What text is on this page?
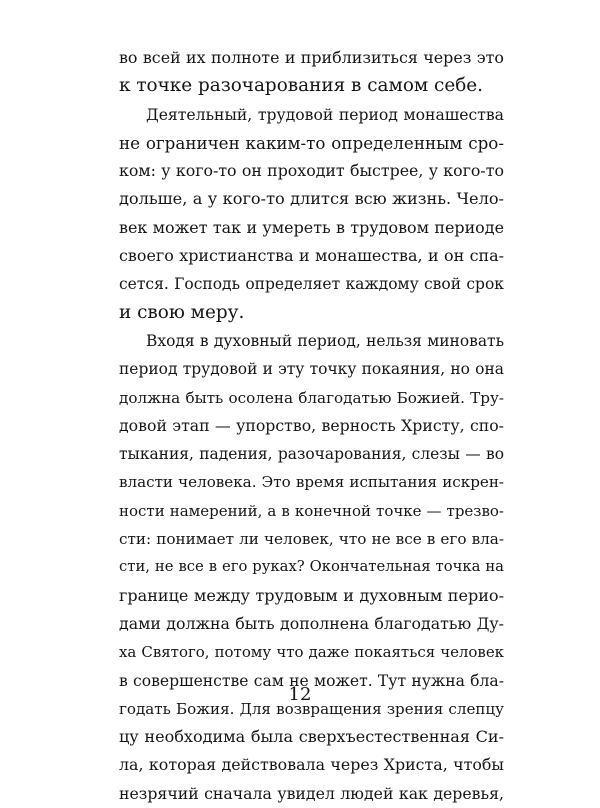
во всей их полноте и приблизиться через это
к точке разочарования в самом себе.
Деятельный, трудовой период монашества
не ограничен каким-то определенным сро-
ком: у кого-то он проходит быстрее, у кого-то
дольше, а у кого-то длится всю жизнь. Чело-
век может так и умереть в трудовом периоде
своего христианства и монашества, и он спа-
сется. Господь определяет каждому свой срок
и свою меру.
Входя в духовный период, нельзя миновать
период трудовой и эту точку покаяния, но она
должна быть осолена благодатью Божией. Тру-
довой этап — упорство, верность Христу, спо-
тыкания, падения, разочарования, слезы — во
власти человека. Это время испытания искрен-
ности намерений, а в конечной точке — трезво-
сти: понимает ли человек, что не все в его вла-
сти, не все в его руках? Окончательная точка на
границе между трудовым и духовным перио-
дами должна быть дополнена благодатью Ду-
ха Святого, потому что даже покаяться человек
в совершенстве сам не может. Тут нужна бла-
годать Божия. Для возвращения зрения слепцу
цу необходима была сверхъестественная Си-
ла, которая действовала через Христа, чтобы
незрячий сначала увидел людей как деревья,
12
